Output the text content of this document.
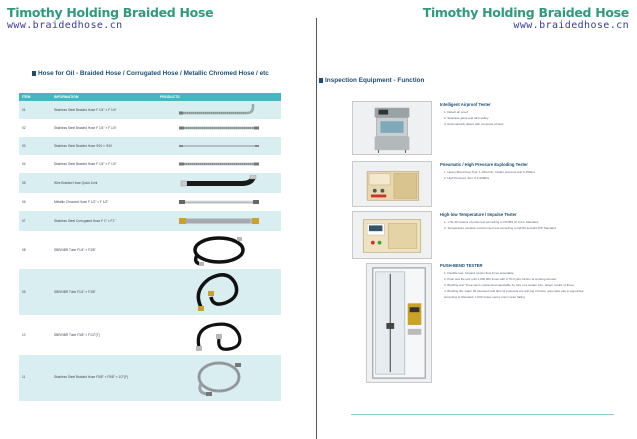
Timothy Holding Braided Hose
www.braidedhose.cn
Timothy Holding Braided Hose
www.braidedhose.cn
Hose for Oil - Braided Hose / Corrugated Hose / Metallic Chromed Hose / etc
ITEM	INFORMATION	PRODUCTS
01	Stainless Steel Braided Hose F 1/4" × F 1/4"
02	Stainless Steel Braided Hose F 1/4" × F 1/4"
03	Stainless Steel Braided Hose Φ10 × Φ10
04	Stainless Steel Braided Hose F 1/4" × F 1/4"
05	Wire Braided Hose Quick Joint
06	Metallic Chromed Hose F 1/2" × F 1/2"
07	Stainless Steel Corrugated Hose F 1" × F1"
08	SBR/NBR Tube F1/4" × F3/8"
09	SBR/NBR Tube F1/4" × F3/8"
10	SBR/NBR Tube F3/8" × F1/2"(T)
11	Stainless Steel Braided Hose F5/8" × F5/8" × 1/2"(F)
Inspection Equipment - Function
Intelligent Airproof Tester
1. Detect air proof
2. Stainless glass and tank safety
3. Automatically detect with computer photos
Pneumatic / High Pressure Exploding Tester
1. Heavy Burst Flow Tool: 1~9KL/min; Instant pressure test 0-15Mpa
2. High Pressure Test: 0.6-20MPa
High-low Temperature / Impulse Tester
1. +70/-40 Celsius of pulse test according to ISO/BS 0/ 1/4 to Standard;
2. Temperature variation environment test according to GP/20 and EN ATP Standard
PUSH-BEND TESTER
1. Flexible test, forward motion flow times selectable;
2. Push and life test until 1,000,000 times with 0.7% hydro-friction at working at least;
3. Bending test: three items customized selectable by wire of a certain size, detect results of three;
4. Bending life: water 90 thousand and flow sit protocols are anti-fog of times, automatic pair in appointed
according to Standard, 1,000 Grace series color meter failing
